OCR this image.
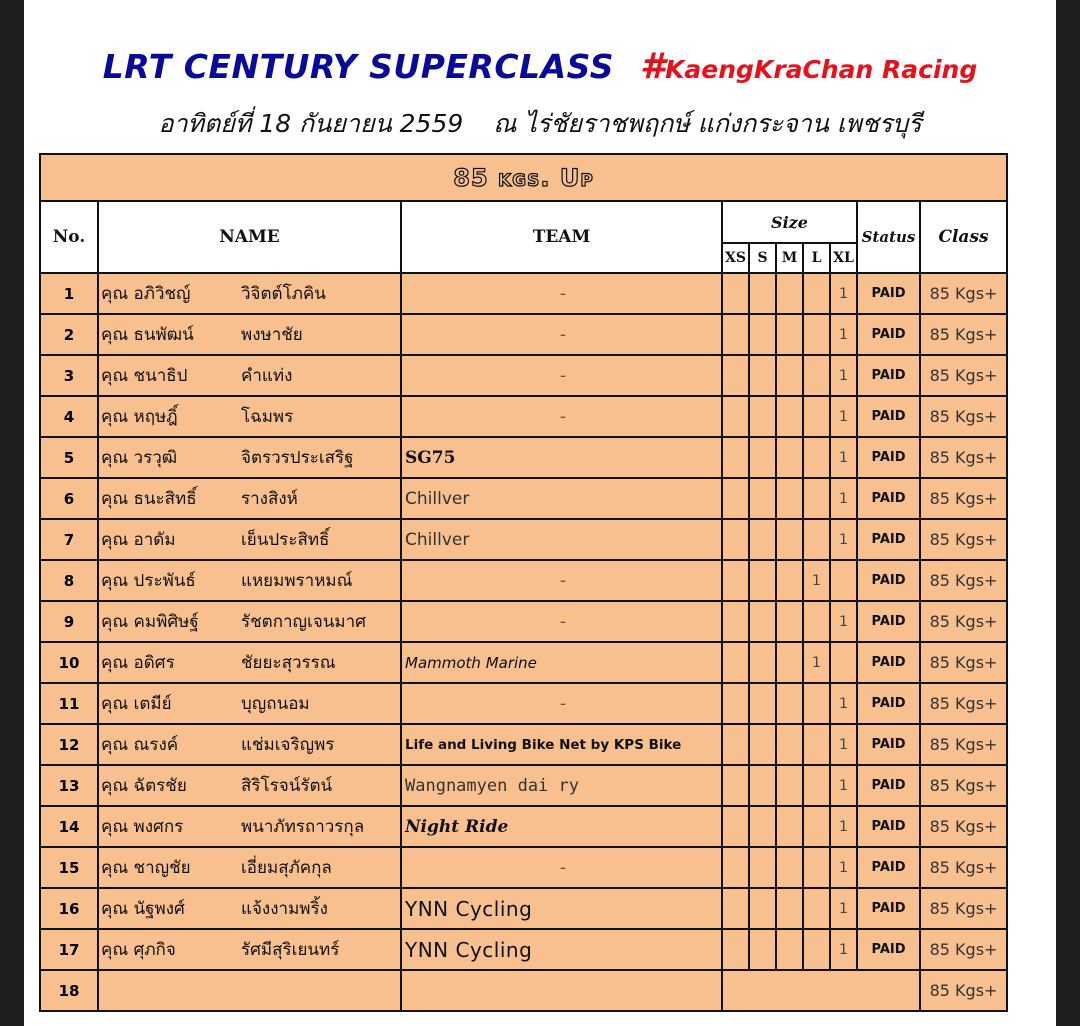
LRT CENTURY SUPERCLASS #KaengKraChan Racing
อาทิตย์ที่ 18 กันยายน 2559 ณ ไร่ชัยราชพฤกษ์ แก่งกระจาน เพชรบุรี
85 kgs. Up									
No.	NAME	TEAM	Size					Status	Class
			XS	S	M	L	XL		
1	คุณ อภิวิชญ์ วิจิตต์โภคิน	-					1	PAID	85 Kgs+
2	คุณ ธนพัฒน์ พงษาชัย	-					1	PAID	85 Kgs+
3	คุณ ชนาธิป คำแท่ง	-					1	PAID	85 Kgs+
4	คุณ หฤษฎิ์ โฉมพร	-					1	PAID	85 Kgs+
5	คุณ วรวุฒิ จิตรวรประเสริฐ	SG75					1	PAID	85 Kgs+
6	คุณ ธนะสิทธิ์ รางสิงห์	Chillver					1	PAID	85 Kgs+
7	คุณ อาดัม เย็นประสิทธิ์	Chillver					1	PAID	85 Kgs+
8	คุณ ประพันธ์ แหยมพราหมณ์	-				1		PAID	85 Kgs+
9	คุณ คมพิศิษฐ์ รัชตกาญเจนมาศ	-					1	PAID	85 Kgs+
10	คุณ อดิศร ชัยยะสุวรรณ	Mammoth Marine				1		PAID	85 Kgs+
11	คุณ เตมีย์ บุญถนอม	-					1	PAID	85 Kgs+
12	คุณ ณรงค์ แช่มเจริญพร	Life and Living Bike Net by KPS Bike					1	PAID	85 Kgs+
13	คุณ ฉัตรชัย สิริโรจน์รัตน์	Wangnamyen dai ry					1	PAID	85 Kgs+
14	คุณ พงศกร พนาภัทรถาวรกุล	Night Ride					1	PAID	85 Kgs+
15	คุณ ชาญชัย เอี่ยมสุภัคกุล	-					1	PAID	85 Kgs+
16	คุณ นัฐพงศ์ แจ้งงามพริ้ง	YNN Cycling					1	PAID	85 Kgs+
17	คุณ ศุภกิจ รัศมีสุริเยนทร์	YNN Cycling					1	PAID	85 Kgs+
18									85 Kgs+
